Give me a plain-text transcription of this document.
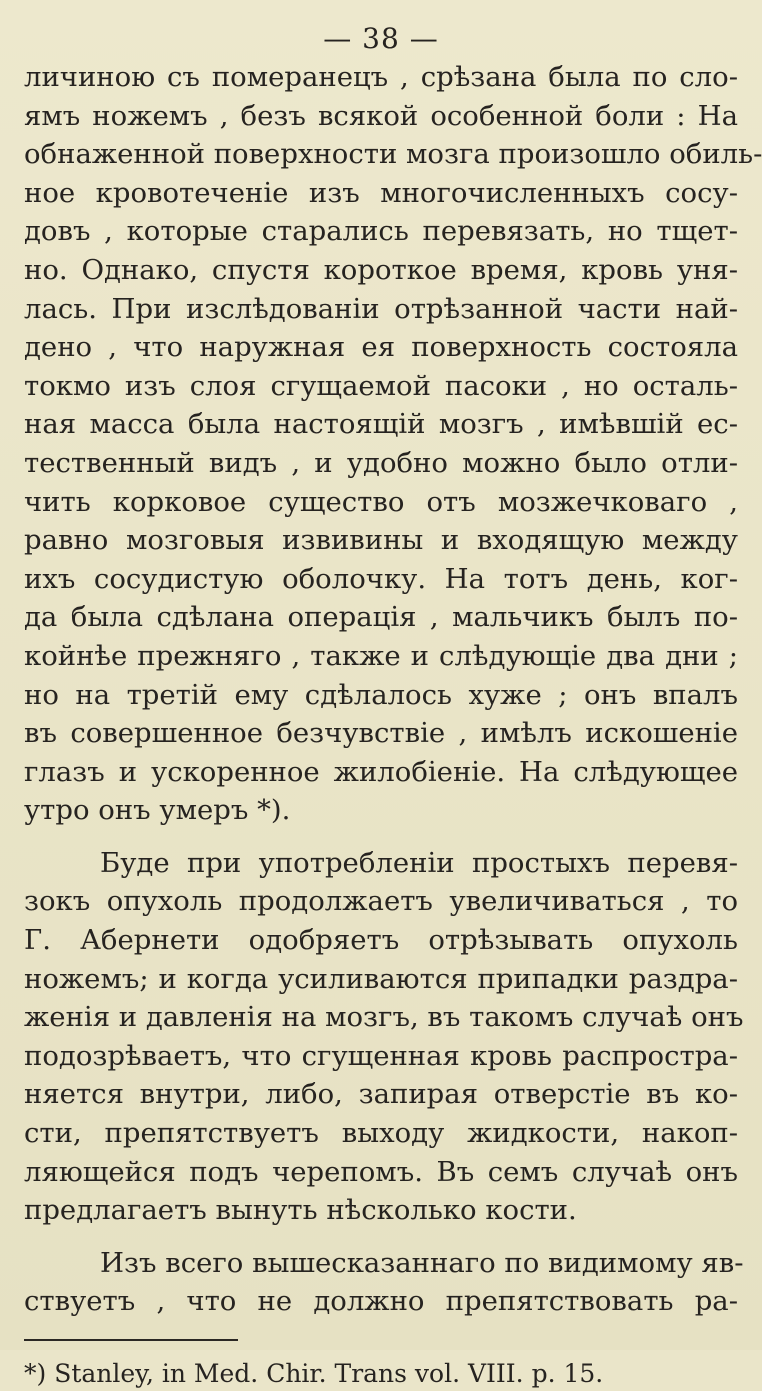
— 38 —
личиною съ померанецъ , срѣзана была по сло-
ямъ ножемъ , безъ всякой особенной боли : На
обнаженной поверхности мозга произошло обиль-
ное кровотеченіе изъ многочисленныхъ сосу-
довъ , которые старались перевязать, но тщет-
но. Однако, спустя короткое время, кровь уня-
лась. При изслѣдованіи отрѣзанной части най-
дено , что наружная ея поверхность состояла
токмо изъ слоя сгущаемой пасоки , но осталь-
ная масса была настоящій мозгъ , имѣвшій ес-
тественный видъ , и удобно можно было отли-
чить корковое существо отъ мозжечковаго ,
равно мозговыя извивины и входящую между
ихъ сосудистую оболочку. На тотъ день, ког-
да была сдѣлана операція , мальчикъ былъ по-
койнѣе прежняго , также и слѣдующіе два дни ;
но на третій ему сдѣлалось хуже ; онъ впалъ
въ совершенное безчувствіе , имѣлъ искошеніе
глазъ и ускоренное жилобіеніе. На слѣдующее
утро онъ умеръ *).
Буде при употребленіи простыхъ перевя-
зокъ опухоль продолжаетъ увеличиваться , то
Г. Абернети одобряетъ отрѣзывать опухоль
ножемъ; и когда усиливаются припадки раздра-
женія и давленія на мозгъ, въ такомъ случаѣ онъ
подозрѣваетъ, что сгущенная кровь распростра-
няется внутри, либо, запирая отверстіе въ ко-
сти, препятствуетъ выходу жидкости, накоп-
ляющейся подъ черепомъ. Въ семъ случаѣ онъ
предлагаетъ вынуть нѣсколько кости.
Изъ всего вышесказаннаго по видимому яв-
ствуетъ , что не должно препятствовать ра-
*) Stanley, in Med. Chir. Trans vol. VIII. p. 15.
